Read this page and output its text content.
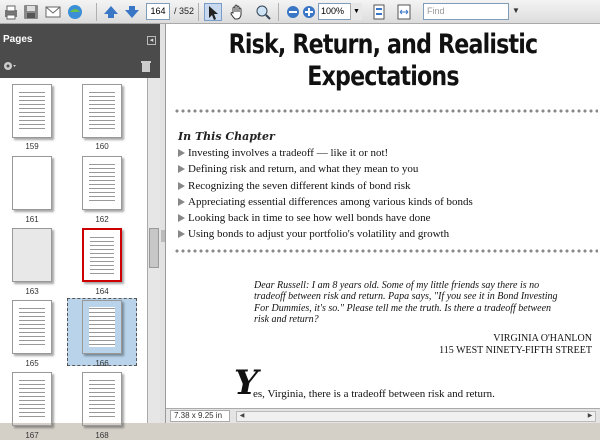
164 / 352	100%	▼	Find	▼
Pages	◂
159	160
161	162
163	164
165	166
167	168
Risk, Return, and Realistic
Expectations
In This Chapter
Investing involves a tradeoff — like it or not!
Defining risk and return, and what they mean to you
Recognizing the seven different kinds of bond risk
Appreciating essential differences among various kinds of bonds
Looking back in time to see how well bonds have done
Using bonds to adjust your portfolio's volatility and growth
Dear Russell: I am 8 years old. Some of my little friends say there is no
tradeoff between risk and return. Papa says, "If you see it in Bond Investing
For Dummies, it's so." Please tell me the truth. Is there a tradeoff between
risk and return?
VIRGINIA O'HANLON
115 WEST NINETY-FIFTH STREET
Y
es, Virginia, there is a tradeoff between risk and return.
7.38 x 9.25 in	◀	▶
